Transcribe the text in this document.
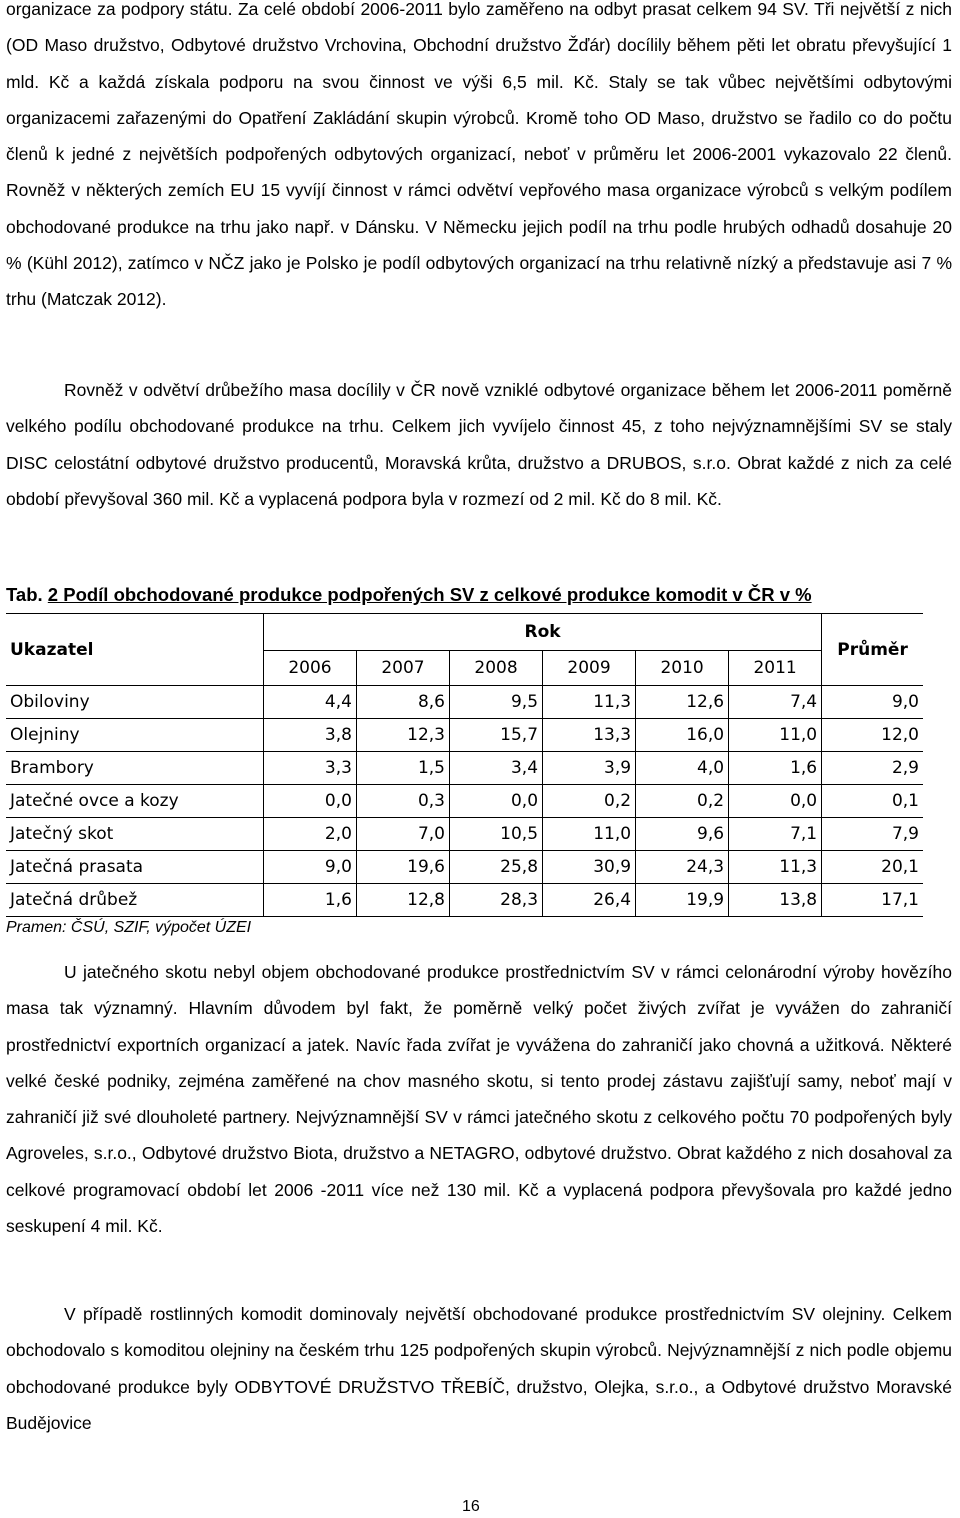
organizace za podpory státu. Za celé období 2006-2011 bylo zaměřeno na odbyt prasat celkem 94 SV. Tři největší z nich (OD Maso družstvo, Odbytové družstvo Vrchovina, Obchodní družstvo Žďár) docílily během pěti let obratu převyšující 1 mld. Kč a každá získala podporu na svou činnost ve výši 6,5 mil. Kč. Staly se tak vůbec největšími odbytovými organizacemi zařazenými do Opatření Zakládání skupin výrobců. Kromě toho OD Maso, družstvo se řadilo co do počtu členů k jedné z největších podpořených odbytových organizací, neboť v průměru let 2006-2001 vykazovalo 22 členů. Rovněž v některých zemích EU 15 vyvíjí činnost v rámci odvětví vepřového masa organizace výrobců s velkým podílem obchodované produkce na trhu jako např. v Dánsku. V Německu jejich podíl na trhu podle hrubých odhadů dosahuje 20 % (Kühl 2012), zatímco v NČZ jako je Polsko je podíl odbytových organizací na trhu relativně nízký a představuje asi 7 % trhu (Matczak 2012).

Rovněž v odvětví drůbežího masa docílily v ČR nově vzniklé odbytové organizace během let 2006-2011 poměrně velkého podílu obchodované produkce na trhu. Celkem jich vyvíjelo činnost 45, z toho nejvýznamnějšími SV se staly DISC celostátní odbytové družstvo producentů, Moravská krůta, družstvo a DRUBOS, s.r.o. Obrat každé z nich za celé období převyšoval 360 mil. Kč a vyplacená podpora byla v rozmezí od 2 mil. Kč do 8 mil. Kč.

Tab. 2 Podíl obchodované produkce podpořených SV z celkové produkce komodit v ČR v %
Ukazatel	Rok						Průměr
	2006	2007	2008	2009	2010	2011	
Obiloviny	4,4	8,6	9,5	11,3	12,6	7,4	9,0
Olejniny	3,8	12,3	15,7	13,3	16,0	11,0	12,0
Brambory	3,3	1,5	3,4	3,9	4,0	1,6	2,9
Jatečné ovce a kozy	0,0	0,3	0,0	0,2	0,2	0,0	0,1
Jatečný skot	2,0	7,0	10,5	11,0	9,6	7,1	7,9
Jatečná prasata	9,0	19,6	25,8	30,9	24,3	11,3	20,1
Jatečná drůbež	1,6	12,8	28,3	26,4	19,9	13,8	17,1
Pramen: ČSÚ, SZIF, výpočet ÚZEI

U jatečného skotu nebyl objem obchodované produkce prostřednictvím SV v rámci celonárodní výroby hovězího masa tak významný. Hlavním důvodem byl fakt, že poměrně velký počet živých zvířat je vyvážen do zahraničí prostřednictví exportních organizací a jatek. Navíc řada zvířat je vyvážena do zahraničí jako chovná a užitková. Některé velké české podniky, zejména zaměřené na chov masného skotu, si tento prodej zástavu zajišťují samy, neboť mají v zahraničí již své dlouholeté partnery. Nejvýznamnější SV v rámci jatečného skotu z celkového počtu 70 podpořených byly Agroveles, s.r.o., Odbytové družstvo Biota, družstvo a NETAGRO, odbytové družstvo. Obrat každého z nich dosahoval za celkové programovací období let 2006 -2011 více než 130 mil. Kč a vyplacená podpora převyšovala pro každé jedno seskupení 4 mil. Kč.

V případě rostlinných komodit dominovaly největší obchodované produkce prostřednictvím SV olejniny. Celkem obchodovalo s komoditou olejniny na českém trhu 125 podpořených skupin výrobců. Nejvýznamnější z nich podle objemu obchodované produkce byly ODBYTOVÉ DRUŽSTVO TŘEBÍČ, družstvo, Olejka, s.r.o., a Odbytové družstvo Moravské Budějovice

16
